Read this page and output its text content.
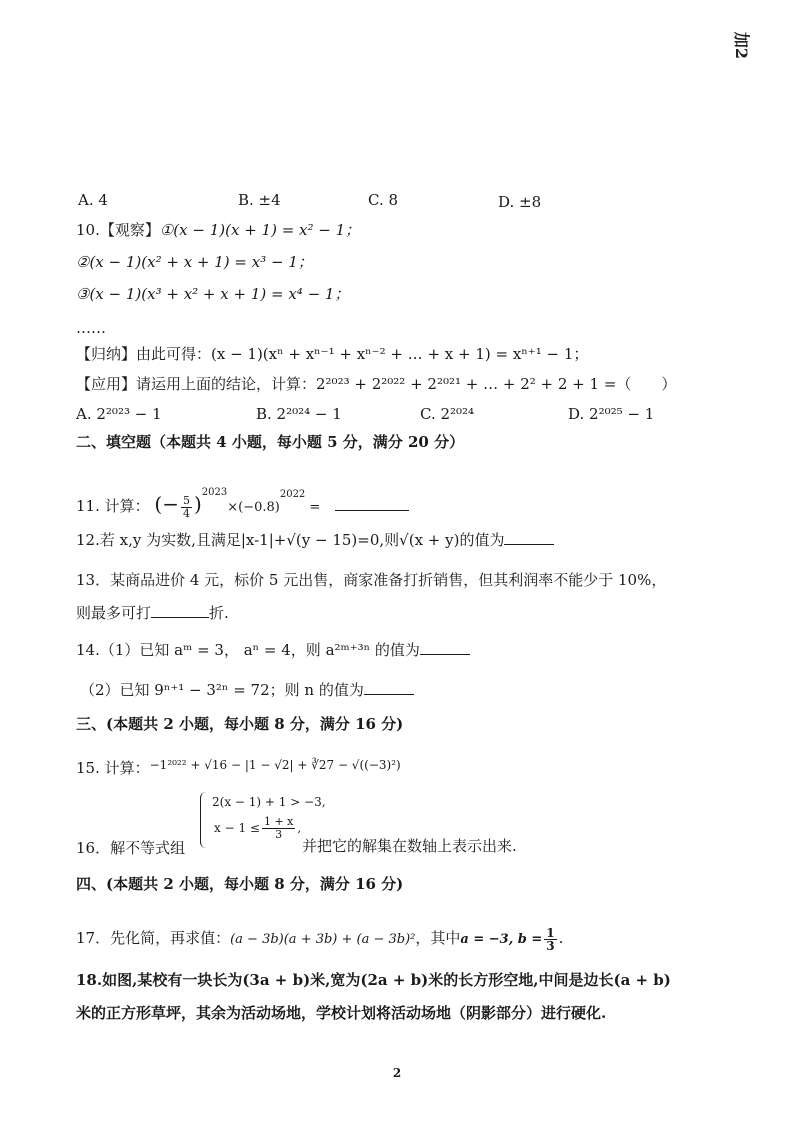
加2
A. 4	B. ±4	C. 8	D. ±8
10.【观察】①(x − 1)(x + 1) = x² − 1；
②(x − 1)(x² + x + 1) = x³ − 1；
③(x − 1)(x³ + x² + x + 1) = x⁴ − 1；
……
【归纳】由此可得：(x − 1)(xⁿ + xⁿ⁻¹ + xⁿ⁻² + … + x + 1) = xⁿ⁺¹ − 1；
【应用】请运用上面的结论，计算：2²⁰²³ + 2²⁰²² + 2²⁰²¹ + … + 2² + 2 + 1 =（　　）
A. 2²⁰²³ − 1	B. 2²⁰²⁴ − 1	C. 2²⁰²⁴	D. 2²⁰²⁵ − 1
二、填空题（本题共 4 小题，每小题 5 分，满分 20 分）
11. 计算： (− $\frac{5}{4} )^{2023}\times(-0.8)^{2022}$ =
12.若 x,y 为实数,且满足|x-1|+√(y − 15)=0,则√(x + y)的值为
13．某商品进价 4 元，标价 5 元出售，商家准备打折销售，但其利润率不能少于 10%，
则最多可打	折.
14.（1）已知 aᵐ = 3， aⁿ = 4，则 a²ᵐ⁺³ⁿ 的值为
（2）已知 9ⁿ⁺¹ − 3²ⁿ = 72；则 n 的值为
三、(本题共 2 小题，每小题 8 分，满分 16 分)
15. 计算：$^{-1^{2022} + √16 - |1 - √2| + ∛27 - √((-3)^2)}$
2(x − 1) + 1 > −3,
$x - 1 \le \frac{1 + x}{3}$ ,
16．解不等式组	并把它的解集在数轴上表示出来.
四、(本题共 2 小题，每小题 8 分，满分 16 分)
17．先化简，再求值：(a − 3b)(a + 3b) + (a − 3b)²，其中a = −3, $b = \frac{1}{3}$ .
18.如图,某校有一块长为(3a + b)米,宽为(2a + b)米的长方形空地,中间是边长(a + b)
米的正方形草坪，其余为活动场地，学校计划将活动场地（阴影部分）进行硬化.
2
